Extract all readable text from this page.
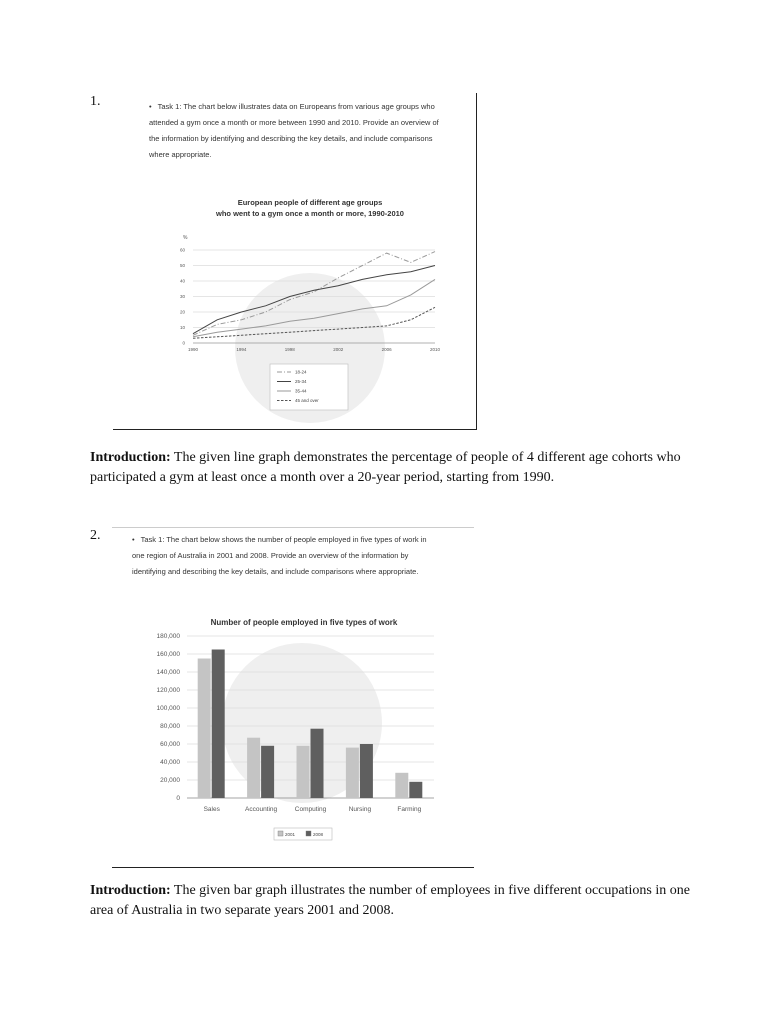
1.	• Task 1: The chart below illustrates data on Europeans from various age groups who
attended a gym once a month or more between 1990 and 2010. Provide an overview of
the information by identifying and describing the key details, and include comparisons
where appropriate.
European people of different age groups
who went to a gym once a month or more, 1990-2010
%
0
10
20
30
40
50
60
1990	1994	1998	2002	2006	2010
18-24
25-34
35-44
45 and over
Introduction: The given line graph demonstrates the percentage of people of 4 different age cohorts who participated a gym at least once a month over a 20-year period, starting from 1990.
2.	• Task 1: The chart below shows the number of people employed in five types of work in
one region of Australia in 2001 and 2008. Provide an overview of the information by
identifying and describing the key details, and include comparisons where appropriate.
Number of people employed in five types of work
0
20,000
40,000
60,000
80,000
100,000
120,000
140,000
160,000
180,000
Sales	Accounting	Computing	Nursing	Farming
2001	2008
Introduction: The given bar graph illustrates the number of employees in five different occupations in one area of Australia in two separate years 2001 and 2008.
